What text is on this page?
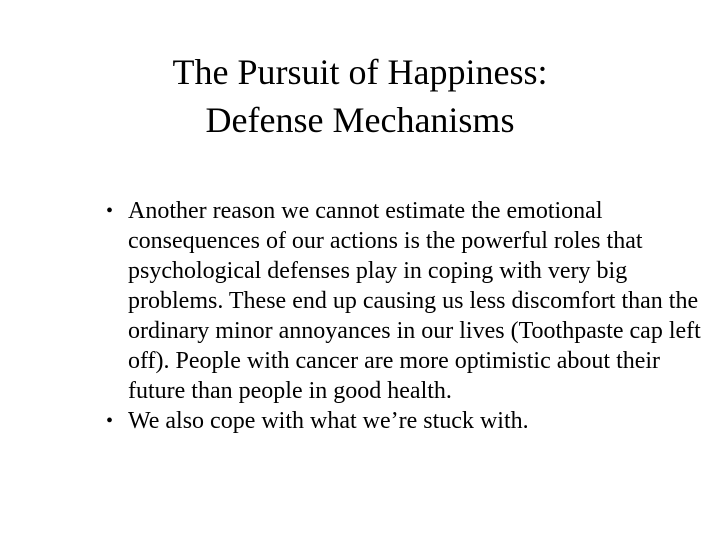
The Pursuit of Happiness:
Defense Mechanisms
• Another reason we cannot estimate the emotional consequences of our actions is the powerful roles that psychological defenses play in coping with very big problems. These end up causing us less discomfort than the ordinary minor annoyances in our lives (Toothpaste cap left off). People with cancer are more optimistic about their future than people in good health.
• We also cope with what we’re stuck with.
